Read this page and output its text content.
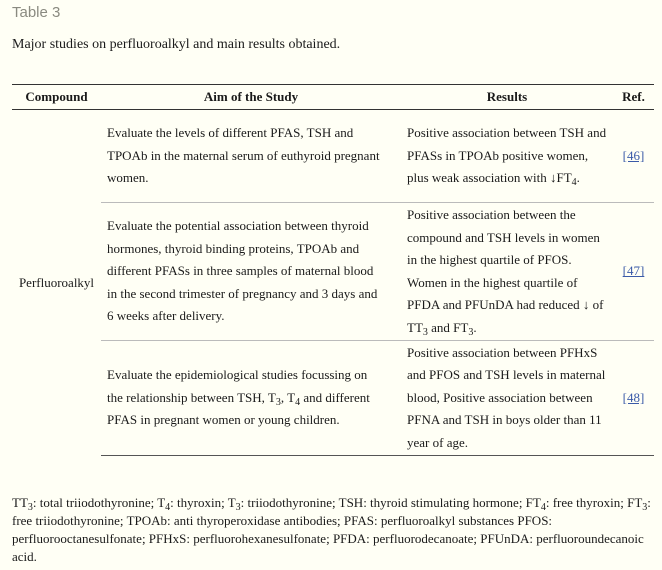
Table 3
Major studies on perfluoroalkyl and main results obtained.
Compound	Aim of the Study	Results	Ref.
Perfluoroalkyl	Evaluate the levels of different PFAS, TSH and TPOAb in the maternal serum of euthyroid pregnant women.	Positive association between TSH and PFASs in TPOAb positive women, plus weak association with $↓FT_4$.	[46]
	Evaluate the potential association between thyroid hormones, thyroid binding proteins, TPOAb and different PFASs in three samples of maternal blood in the second trimester of pregnancy and 3 days and 6 weeks after delivery.	Positive association between the compound and TSH levels in women in the highest quartile of PFOS. Women in the highest quartile of PFDA and PFUnDA had reduced ↓ of $TT_3$ and $FT_3$.	[47]
	Evaluate the epidemiological studies focussing on the relationship between TSH, $T_3$, $T_4$ and different PFAS in pregnant women or young children.	Positive association between PFHxS and PFOS and TSH levels in maternal blood, Positive association between PFNA and TSH in boys older than 11 year of age.	[48]
$TT_3$: total triiodothyronine; $T_4$: thyroxin; $T_3$: triiodothyronine; TSH: thyroid stimulating hormone; $FT_4$: free thyroxin; $FT_3$: free triiodothyronine; TPOAb: anti thyroperoxidase antibodies; PFAS: perfluoroalkyl substances PFOS: perfluorooctanesulfonate; PFHxS: perfluorohexanesulfonate; PFDA: perfluorodecanoate; PFUnDA: perfluoroundecanoic acid.
